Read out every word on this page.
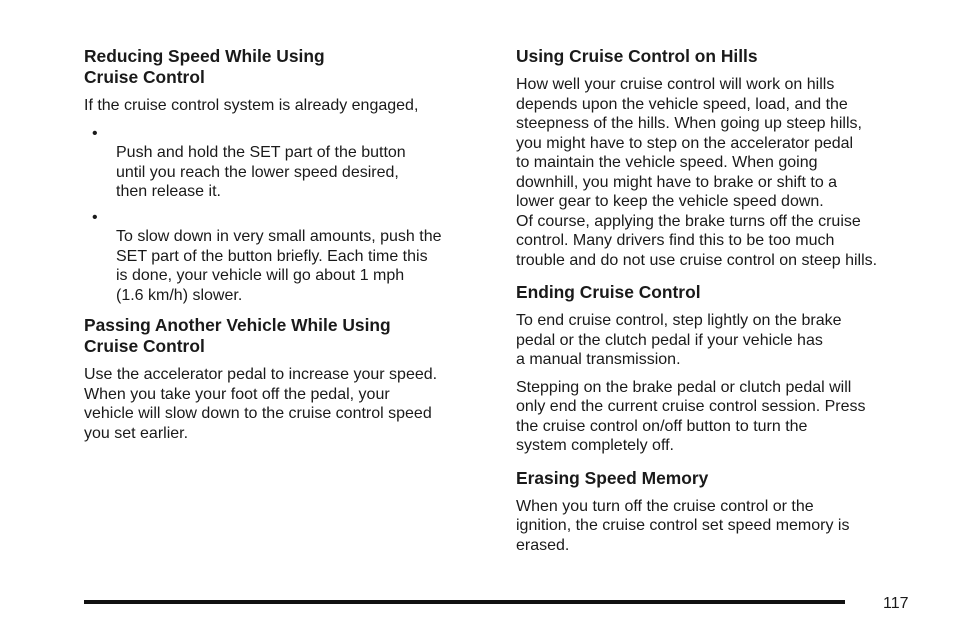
Reducing Speed While Using
Cruise Control

If the cruise control system is already engaged,

•
Push and hold the SET part of the button
until you reach the lower speed desired,
then release it.

•
To slow down in very small amounts, push the
SET part of the button briefly. Each time this
is done, your vehicle will go about 1 mph
(1.6 km/h) slower.

Passing Another Vehicle While Using
Cruise Control

Use the accelerator pedal to increase your speed.
When you take your foot off the pedal, your
vehicle will slow down to the cruise control speed
you set earlier.

Using Cruise Control on Hills

How well your cruise control will work on hills
depends upon the vehicle speed, load, and the
steepness of the hills. When going up steep hills,
you might have to step on the accelerator pedal
to maintain the vehicle speed. When going
downhill, you might have to brake or shift to a
lower gear to keep the vehicle speed down.
Of course, applying the brake turns off the cruise
control. Many drivers find this to be too much
trouble and do not use cruise control on steep hills.

Ending Cruise Control

To end cruise control, step lightly on the brake
pedal or the clutch pedal if your vehicle has
a manual transmission.

Stepping on the brake pedal or clutch pedal will
only end the current cruise control session. Press
the cruise control on/off button to turn the
system completely off.

Erasing Speed Memory

When you turn off the cruise control or the
ignition, the cruise control set speed memory is
erased.

117
